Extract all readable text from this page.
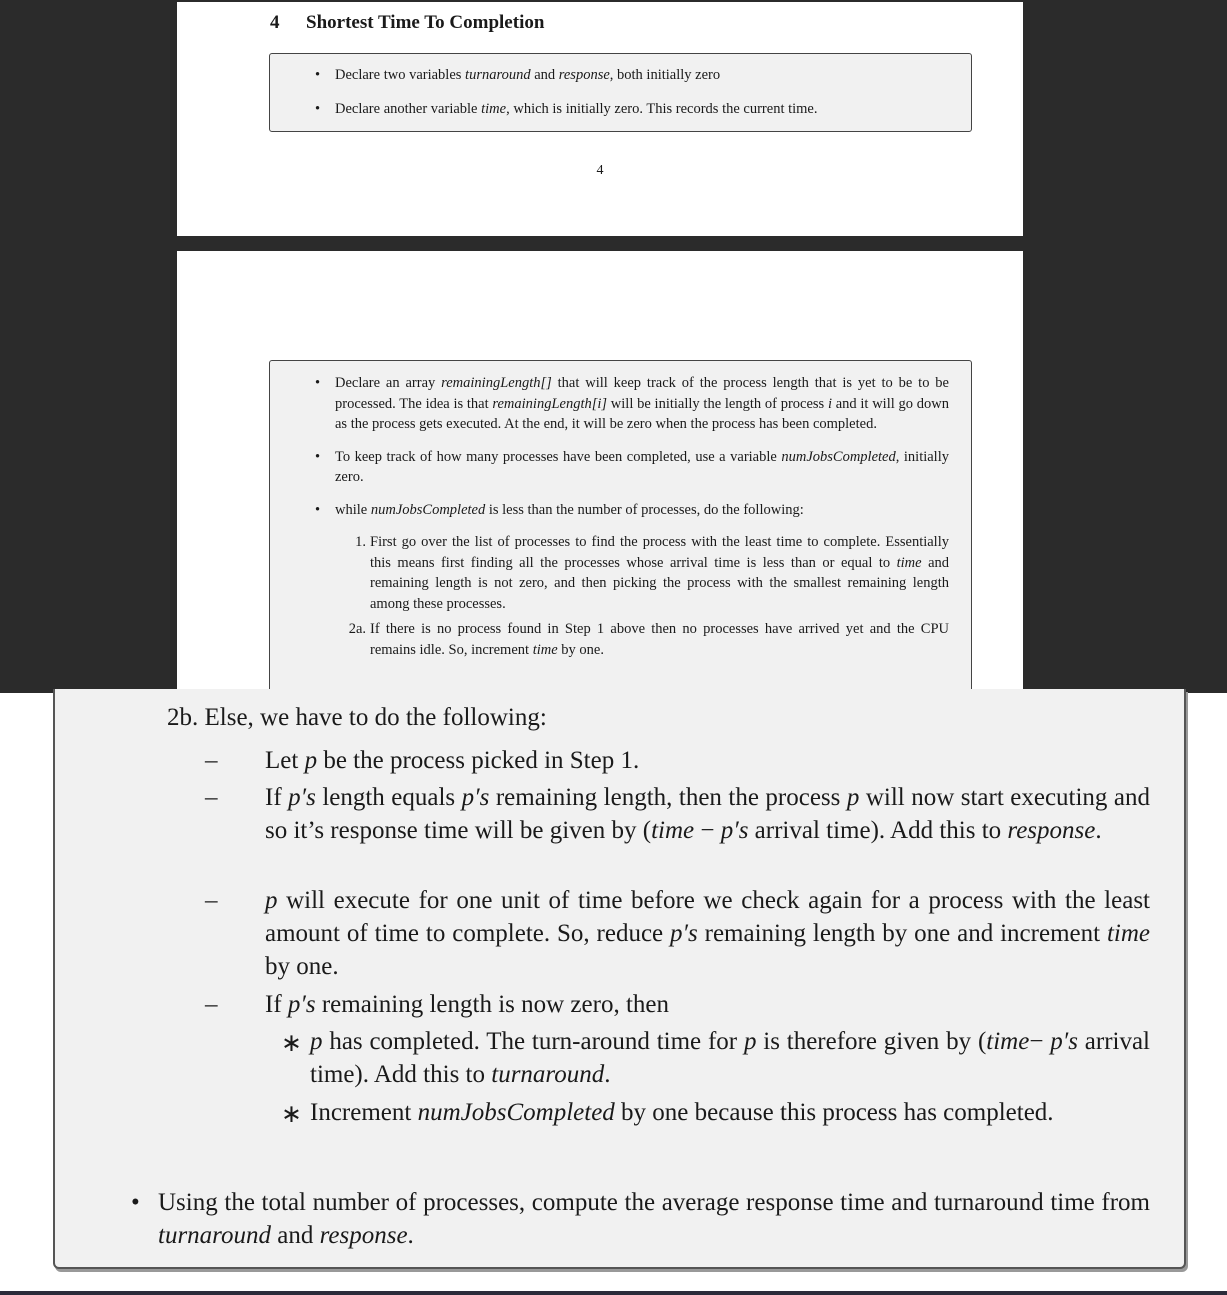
4 Shortest Time To Completion
• Declare two variables turnaround and response, both initially zero
• Declare another variable time, which is initially zero. This records the current time.
4
• Declare an array remainingLength[] that will keep track of the process length that is yet to be to be processed. The idea is that remainingLength[i] will be initially the length of process i and it will go down as the process gets executed. At the end, it will be zero when the process has been completed.
• To keep track of how many processes have been completed, use a variable numJobsCompleted, initially zero.
• while numJobsCompleted is less than the number of processes, do the following:
1. First go over the list of processes to find the process with the least time to complete. Essentially this means first finding all the processes whose arrival time is less than or equal to time and remaining length is not zero, and then picking the process with the smallest remaining length among these processes.
2a. If there is no process found in Step 1 above then no processes have arrived yet and the CPU remains idle. So, increment time by one.
2b. Else, we have to do the following:
–	Let p be the process picked in Step 1.

–	If p′s length equals p′s remaining length, then the process p will now start executing and so it’s response time will be given by (time − p′s arrival time). Add this to response.

–	p will execute for one unit of time before we check again for a process with the least amount of time to complete. So, reduce p′s remaining length by one and increment time by one.

–	If p′s remaining length is now zero, then

∗ p has completed. The turn-around time for p is therefore given by (time− p′s arrival time). Add this to turnaround.

∗ Increment numJobsCompleted by one because this process has completed.

• Using the total number of processes, compute the average response time and turnaround time from turnaround and response.
